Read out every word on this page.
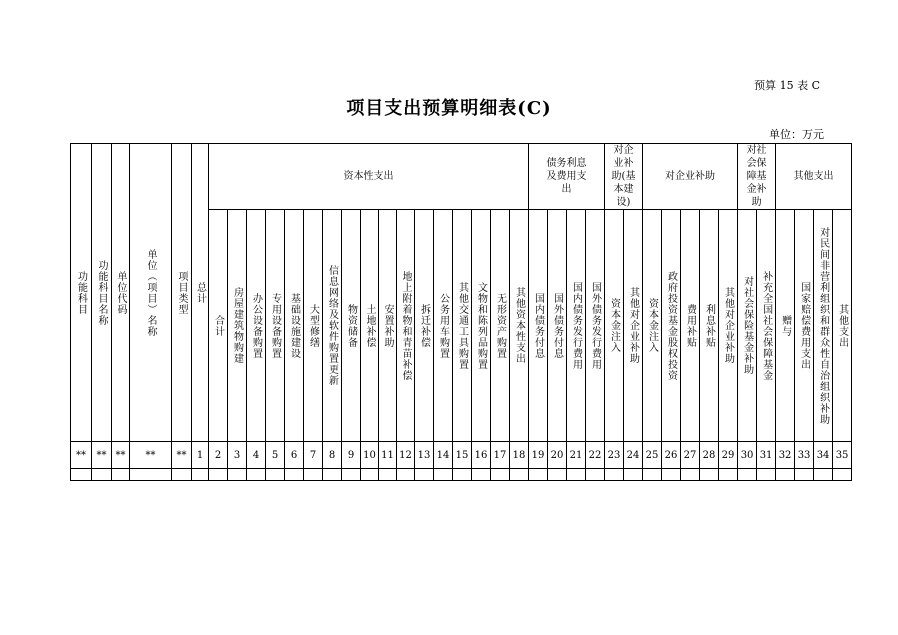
预算 15 表 C
项目支出预算明细表(C)
单位：万元
功能科目	功能科目名称	单位代码	单位（项目）名称	项目类型	总计	资本性支出																	债务利息及费用支出				对企业补助(基本建设)		对企业补助					对社会保障基金补助		其他支出			
						合计	房屋建筑物购建	办公设备购置	专用设备购置	基础设施建设	大型修缮	信息网络及软件购置更新	物资储备	土地补偿	安置补助	地上附着物和青苗补偿	拆迁补偿	公务用车购置	其他交通工具购置	文物和陈列品购置	无形资产购置	其他资本性支出	国内债务付息	国外债务付息	国内债务发行费用	国外债务发行费用	资本金注入	其他对企业补助	资本金注入	政府投资基金股权投资	费用补贴	利息补贴	其他对企业补助	对社会保险基金补助	补充全国社会保障基金	赠与	国家赔偿费用支出	对民间非营利组织和群众性自治组织补助	其他支出
**	**	**	**	**	1	2	3	4	5	6	7	8	9	10	11	12	13	14	15	16	17	18	19	20	21	22	23	24	25	26	27	28	29	30	31	32	33	34	35
